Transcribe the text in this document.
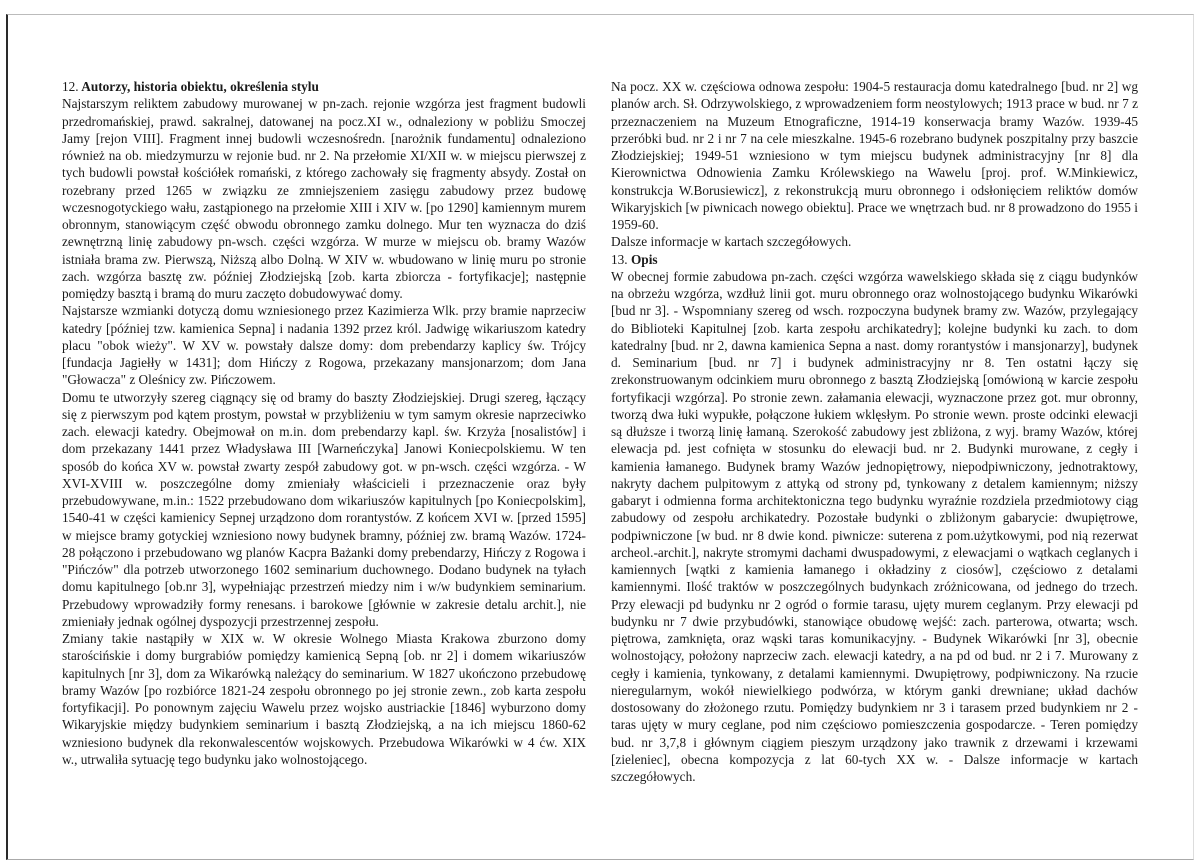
12. Autorzy, historia obiektu, określenia stylu

Najstarszym reliktem zabudowy murowanej w pn-zach. rejonie wzgórza jest fragment budowli przedromańskiej, prawd. sakralnej, datowanej na pocz.XI w., odnaleziony w pobliżu Smoczej Jamy [rejon VIII]. Fragment innej budowli wczesnośredn. [narożnik fundamentu] odnaleziono również na ob. miedzymurzu w rejonie bud. nr 2. Na przełomie XI/XII w. w miejscu pierwszej z tych budowli powstał kościółek romański, z którego zachowały się fragmenty absydy. Został on rozebrany przed 1265 w związku ze zmniejszeniem zasięgu zabudowy przez budowę wczesnogotyckiego wału, zastąpionego na przełomie XIII i XIV w. [po 1290] kamiennym murem obronnym, stanowiącym część obwodu obronnego zamku dolnego. Mur ten wyznacza do dziś zewnętrzną linię zabudowy pn-wsch. części wzgórza. W murze w miejscu ob. bramy Wazów istniała brama zw. Pierwszą, Niższą albo Dolną. W XIV w. wbudowano w linię muru po stronie zach. wzgórza basztę zw. później Złodziejską [zob. karta zbiorcza - fortyfikacje]; następnie pomiędzy basztą i bramą do muru zaczęto dobudowywać domy.

Najstarsze wzmianki dotyczą domu wzniesionego przez Kazimierza Wlk. przy bramie naprzeciw katedry [później tzw. kamienica Sepna] i nadania 1392 przez król. Jadwigę wikariuszom katedry placu "obok wieży". W XV w. powstały dalsze domy: dom prebendarzy kaplicy św. Trójcy [fundacja Jagiełły w 1431]; dom Hińczy z Rogowa, przekazany mansjonarzom; dom Jana "Głowacza" z Oleśnicy zw. Pińczowem.

Domu te utworzyły szereg ciągnący się od bramy do baszty Złodziejskiej. Drugi szereg, łączący się z pierwszym pod kątem prostym, powstał w przybliżeniu w tym samym okresie naprzeciwko zach. elewacji katedry. Obejmował on m.in. dom prebendarzy kapl. św. Krzyża [nosalistów] i dom przekazany 1441 przez Władysława III [Warneńczyka] Janowi Koniecpolskiemu. W ten sposób do końca XV w. powstał zwarty zespół zabudowy got. w pn-wsch. części wzgórza. - W XVI-XVIII w. poszczególne domy zmieniały właścicieli i przeznaczenie oraz były przebudowywane, m.in.: 1522 przebudowano dom wikariuszów kapitulnych [po Koniecpolskim], 1540-41 w części kamienicy Sepnej urządzono dom rorantystów. Z końcem XVI w. [przed 1595] w miejsce bramy gotyckiej wzniesiono nowy budynek bramny, później zw. bramą Wazów. 1724-28 połączono i przebudowano wg planów Kacpra Bażanki domy prebendarzy, Hińczy z Rogowa i "Pińczów" dla potrzeb utworzonego 1602 seminarium duchownego. Dodano budynek na tyłach domu kapitulnego [ob.nr 3], wypełniając przestrzeń miedzy nim i w/w budynkiem seminarium. Przebudowy wprowadziły formy renesans. i barokowe [głównie w zakresie detalu archit.], nie zmieniały jednak ogólnej dyspozycji przestrzennej zespołu.

Zmiany takie nastąpiły w XIX w. W okresie Wolnego Miasta Krakowa zburzono domy starościńskie i domy burgrabiów pomiędzy kamienicą Sepną [ob. nr 2] i domem wikariuszów kapitulnych [nr 3], dom za Wikarówką należący do seminarium. W 1827 ukończono przebudowę bramy Wazów [po rozbiórce 1821-24 zespołu obronnego po jej stronie zewn., zob karta zespołu fortyfikacji]. Po ponownym zajęciu Wawelu przez wojsko austriackie [1846] wyburzono domy Wikaryjskie między budynkiem seminarium i basztą Złodziejską, a na ich miejscu 1860-62 wzniesiono budynek dla rekonwalescentów wojskowych. Przebudowa Wikarówki w 4 ćw. XIX w., utrwaliła sytuację tego budynku jako wolnostojącego.

Na pocz. XX w. częściowa odnowa zespołu: 1904-5 restauracja domu katedralnego [bud. nr 2] wg planów arch. Sł. Odrzywolskiego, z wprowadzeniem form neostylowych; 1913 prace w bud. nr 7 z przeznaczeniem na Muzeum Etnograficzne, 1914-19 konserwacja bramy Wazów. 1939-45 przeróbki bud. nr 2 i nr 7 na cele mieszkalne. 1945-6 rozebrano budynek poszpitalny przy baszcie Złodziejskiej; 1949-51 wzniesiono w tym miejscu budynek administracyjny [nr 8] dla Kierownictwa Odnowienia Zamku Królewskiego na Wawelu [proj. prof. W.Minkiewicz, konstrukcja W.Borusiewicz], z rekonstrukcją muru obronnego i odsłonięciem reliktów domów Wikaryjskich [w piwnicach nowego obiektu]. Prace we wnętrzach bud. nr 8 prowadzono do 1955 i 1959-60.

Dalsze informacje w kartach szczegółowych.

13. Opis

W obecnej formie zabudowa pn-zach. części wzgórza wawelskiego składa się z ciągu budynków na obrzeżu wzgórza, wzdłuż linii got. muru obronnego oraz wolnostojącego budynku Wikarówki [bud nr 3]. - Wspomniany szereg od wsch. rozpoczyna budynek bramy zw. Wazów, przylegający do Biblioteki Kapitulnej [zob. karta zespołu archikatedry]; kolejne budynki ku zach. to dom katedralny [bud. nr 2, dawna kamienica Sepna a nast. domy rorantystów i mansjonarzy], budynek d. Seminarium [bud. nr 7] i budynek administracyjny nr 8. Ten ostatni łączy się zrekonstruowanym odcinkiem muru obronnego z basztą Złodziejską [omówioną w karcie zespołu fortyfikacji wzgórza]. Po stronie zewn. załamania elewacji, wyznaczone przez got. mur obronny, tworzą dwa łuki wypukłe, połączone łukiem wklęsłym. Po stronie wewn. proste odcinki elewacji są dłuższe i tworzą linię łamaną. Szerokość zabudowy jest zbliżona, z wyj. bramy Wazów, której elewacja pd. jest cofnięta w stosunku do elewacji bud. nr 2. Budynki murowane, z cegły i kamienia łamanego. Budynek bramy Wazów jednopiętrowy, niepodpiwniczony, jednotraktowy, nakryty dachem pulpitowym z attyką od strony pd, tynkowany z detalem kamiennym; niższy gabaryt i odmienna forma architektoniczna tego budynku wyraźnie rozdziela przedmiotowy ciąg zabudowy od zespołu archikatedry. Pozostałe budynki o zbliżonym gabarycie: dwupiętrowe, podpiwniczone [w bud. nr 8 dwie kond. piwnicze: suterena z pom.użytkowymi, pod nią rezerwat archeol.-archit.], nakryte stromymi dachami dwuspadowymi, z elewacjami o wątkach ceglanych i kamiennych [wątki z kamienia łamanego i okładziny z ciosów], częściowo z detalami kamiennymi. Ilość traktów w poszczególnych budynkach zróżnicowana, od jednego do trzech. Przy elewacji pd budynku nr 2 ogród o formie tarasu, ujęty murem ceglanym. Przy elewacji pd budynku nr 7 dwie przybudówki, stanowiące obudowę wejść: zach. parterowa, otwarta; wsch. piętrowa, zamknięta, oraz wąski taras komunikacyjny. - Budynek Wikarówki [nr 3], obecnie wolnostojący, położony naprzeciw zach. elewacji katedry, a na pd od bud. nr 2 i 7. Murowany z cegły i kamienia, tynkowany, z detalami kamiennymi. Dwupiętrowy, podpiwniczony. Na rzucie nieregularnym, wokół niewielkiego podwórza, w którym ganki drewniane; układ dachów dostosowany do złożonego rzutu. Pomiędzy budynkiem nr 3 i tarasem przed budynkiem nr 2 - taras ujęty w mury ceglane, pod nim częściowo pomieszczenia gospodarcze. - Teren pomiędzy bud. nr 3,7,8 i głównym ciągiem pieszym urządzony jako trawnik z drzewami i krzewami [zieleniec], obecna kompozycja z lat 60-tych XX w. - Dalsze informacje w kartach szczegółowych.
